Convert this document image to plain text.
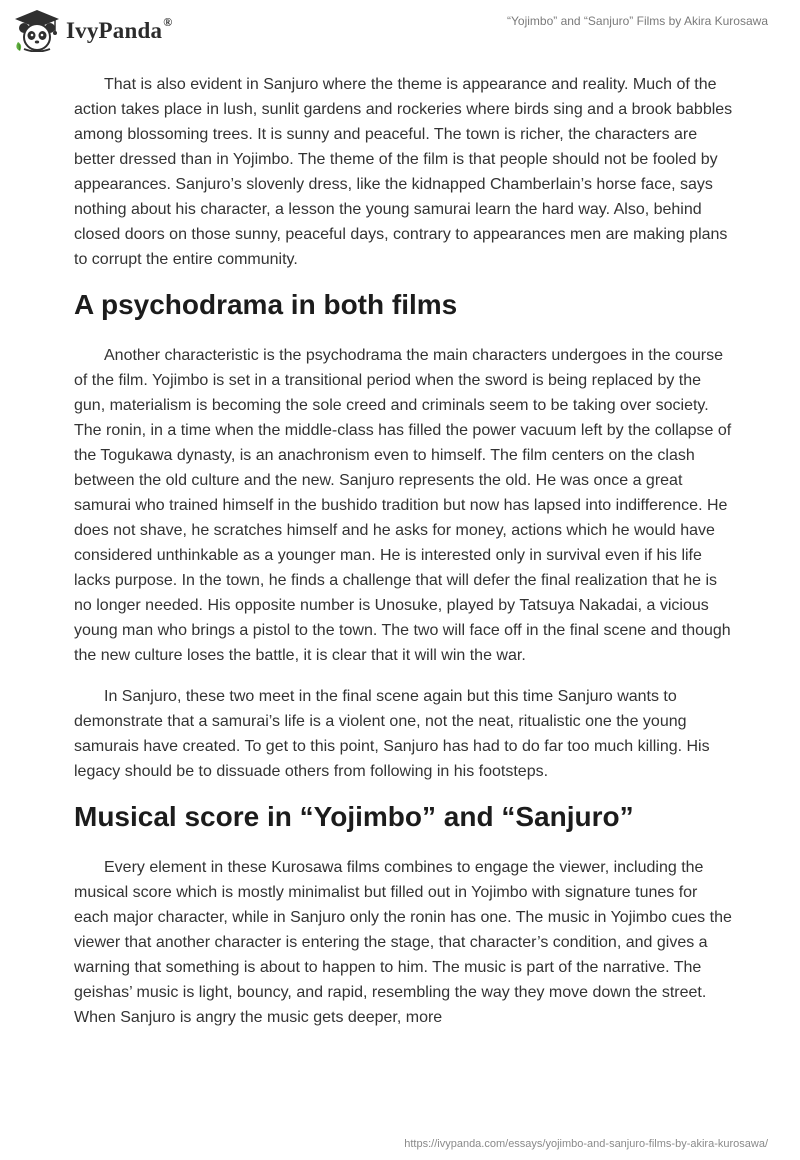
IvyPanda®	“Yojimbo” and “Sanjuro” Films by Akira Kurosawa

That is also evident in Sanjuro where the theme is appearance and reality. Much of the action takes place in lush, sunlit gardens and rockeries where birds sing and a brook babbles among blossoming trees. It is sunny and peaceful. The town is richer, the characters are better dressed than in Yojimbo. The theme of the film is that people should not be fooled by appearances. Sanjuro’s slovenly dress, like the kidnapped Chamberlain’s horse face, says nothing about his character, a lesson the young samurai learn the hard way. Also, behind closed doors on those sunny, peaceful days, contrary to appearances men are making plans to corrupt the entire community.

A psychodrama in both films

Another characteristic is the psychodrama the main characters undergoes in the course of the film. Yojimbo is set in a transitional period when the sword is being replaced by the gun, materialism is becoming the sole creed and criminals seem to be taking over society. The ronin, in a time when the middle-class has filled the power vacuum left by the collapse of the Togukawa dynasty, is an anachronism even to himself. The film centers on the clash between the old culture and the new. Sanjuro represents the old. He was once a great samurai who trained himself in the bushido tradition but now has lapsed into indifference. He does not shave, he scratches himself and he asks for money, actions which he would have considered unthinkable as a younger man. He is interested only in survival even if his life lacks purpose. In the town, he finds a challenge that will defer the final realization that he is no longer needed. His opposite number is Unosuke, played by Tatsuya Nakadai, a vicious young man who brings a pistol to the town. The two will face off in the final scene and though the new culture loses the battle, it is clear that it will win the war.

In Sanjuro, these two meet in the final scene again but this time Sanjuro wants to demonstrate that a samurai’s life is a violent one, not the neat, ritualistic one the young samurais have created. To get to this point, Sanjuro has had to do far too much killing. His legacy should be to dissuade others from following in his footsteps.

Musical score in “Yojimbo” and “Sanjuro”

Every element in these Kurosawa films combines to engage the viewer, including the musical score which is mostly minimalist but filled out in Yojimbo with signature tunes for each major character, while in Sanjuro only the ronin has one. The music in Yojimbo cues the viewer that another character is entering the stage, that character’s condition, and gives a warning that something is about to happen to him. The music is part of the narrative. The geishas’ music is light, bouncy, and rapid, resembling the way they move down the street. When Sanjuro is angry the music gets deeper, more

https://ivypanda.com/essays/yojimbo-and-sanjuro-films-by-akira-kurosawa/
